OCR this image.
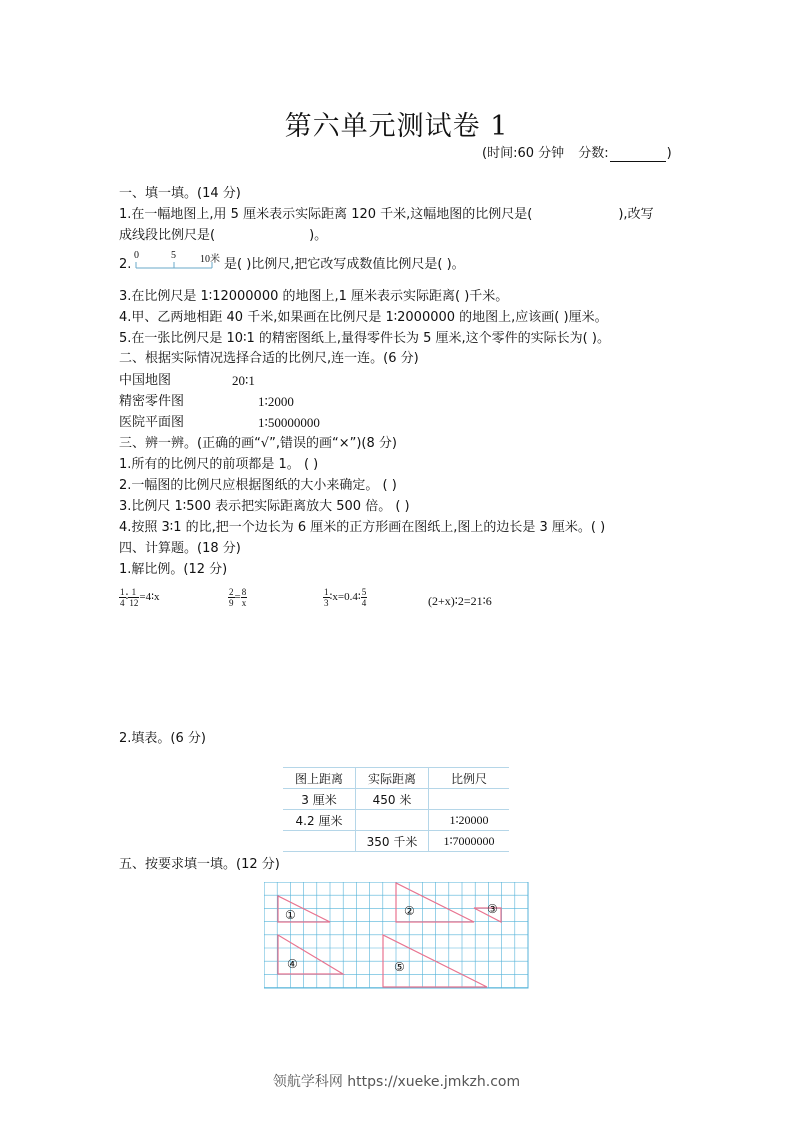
第六单元测试卷 1
(时间:60 分钟 分数:	)
一、填一填。(14 分)
1.在一幅地图上,用 5 厘米表示实际距离 120 千米,这幅地图的比例尺是(	),改写
成线段比例尺是(	)。
2.
0	5 10米 是( )比例尺,把它改写成数值比例尺是( )。
3.在比例尺是 1∶12000000 的地图上,1 厘米表示实际距离( )千米。
4.甲、乙两地相距 40 千米,如果画在比例尺是 1∶2000000 的地图上,应该画( )厘米。
5.在一张比例尺是 10∶1 的精密图纸上,量得零件长为 5 厘米,这个零件的实际长为( )。
二、根据实际情况选择合适的比例尺,连一连。(6 分)
中国地图
精密零件图
医院平面图
20∶1
1∶2000
1∶50000000
三、辨一辨。(正确的画“√”,错误的画“×”)(8 分)
1.所有的比例尺的前项都是 1。 ( )
2.一幅图的比例尺应根据图纸的大小来确定。 ( )
3.比例尺 1∶500 表示把实际距离放大 500 倍。 ( )
4.按照 3∶1 的比,把一个边长为 6 厘米的正方形画在图纸上,图上的边长是 3 厘米。( )
四、计算题。(18 分)
1.解比例。(12 分)
$\frac{1}{4}$ ∶ $\frac{1}{12}$ =4∶x	$\frac{2}{9} = \frac{8}{x}$	$\frac{1}{3}$ ∶x=0.4∶ $\frac{5}{4}$	(2+x)∶2=21∶6
2.填表。(6 分)
图上距离	实际距离	比例尺
3 厘米	450 米	
4.2 厘米		1∶20000
	350 千米	1∶7000000
五、按要求填一填。(12 分)
①	②	③
④	⑤
领航学科网 https://xueke.jmkzh.com
